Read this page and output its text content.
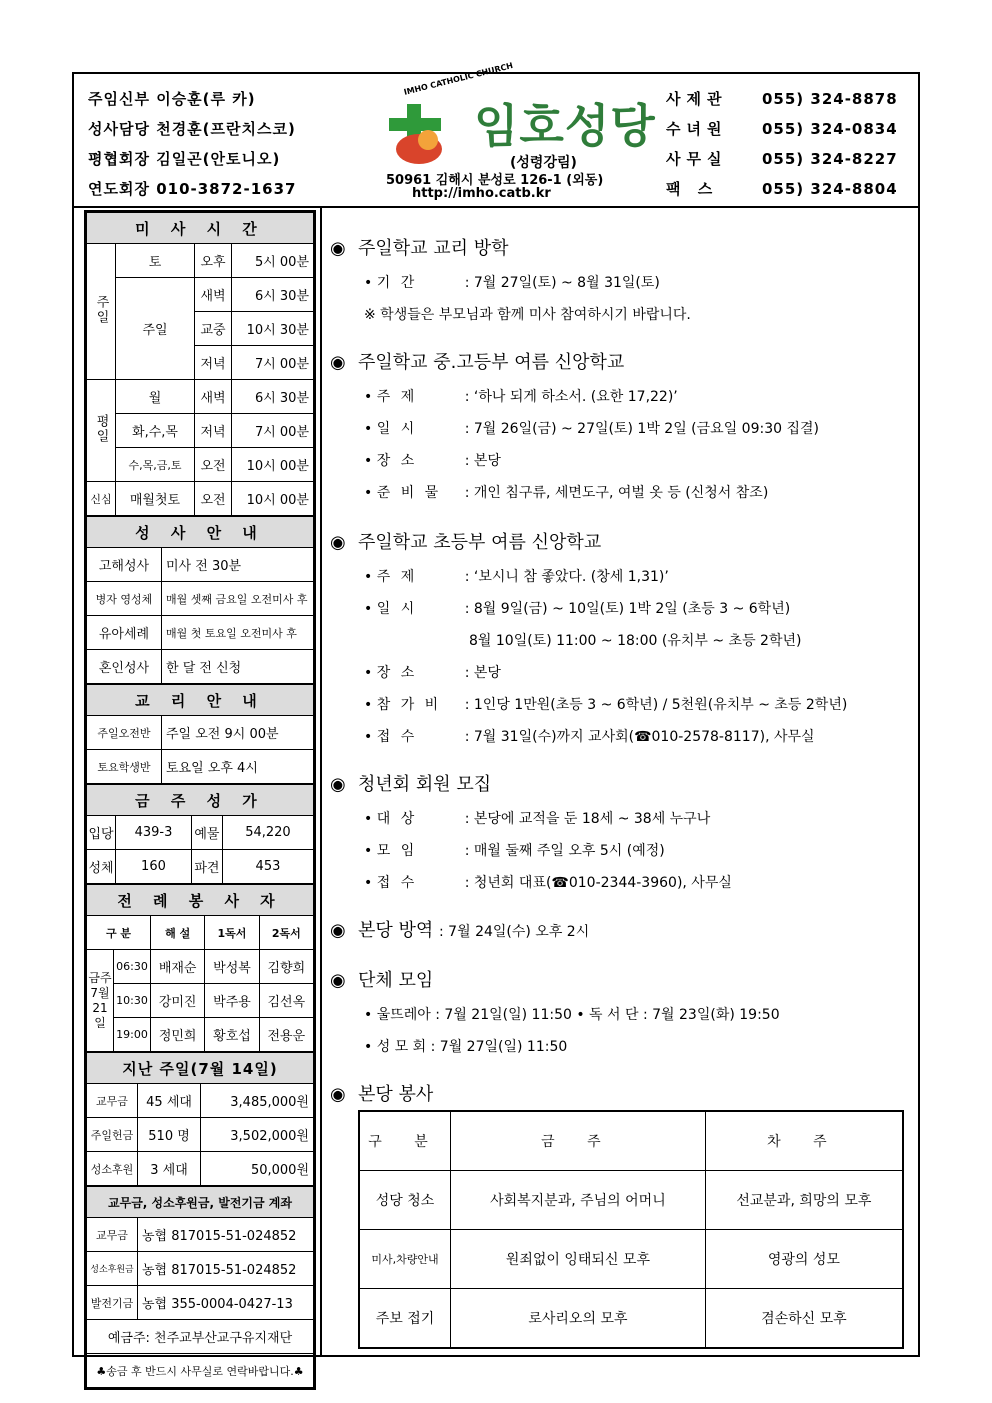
주임신부 이승훈(루 카)
성사담당 천경훈(프란치스코)
평협회장 김일곤(안토니오)
연도회장 010-3872-1637
IMHO CATHOLIC CHURCH
임호성당
(성령강림)
50961 김해시 분성로 126-1 (외동)
http://imho.catb.kr
사제관 055) 324-8878
수녀원 055) 324-0834
사무실 055) 324-8227
팩 스	055) 324-8804
미 사 시 간			
주일	토	오후	5시 00분
	주일	새벽	6시 30분
		교중	10시 30분
		저녁	7시 00분
평일	월	새벽	6시 30분
	화,수,목	저녁	7시 00분
	수,목,금,토	오전	10시 00분
신심	매월첫토	오전	10시 00분
성 사 안 내	
고해성사	미사 전 30분
병자 영성체	매월 셋째 금요일 오전미사 후
유아세례	매월 첫 토요일 오전미사 후
혼인성사	한 달 전 신청
교 리 안 내	
주일오전반	주일 오전 9시 00분
토요학생반	토요일 오후 4시
금 주 성 가			
입당	439-3	예물	54,220
성체	160	파견	453
전 례 봉 사 자				
구 분		해 설	1독서	2독서
금주 7월 21일	06:30	배재순	박성복	김향희
	10:30	강미진	박주용	김선옥
	19:00	정민희	황호섭	전용운
지난 주일(7월 14일)		
교무금	45 세대	3,485,000원
주일헌금	510 명	3,502,000원
성소후원	3 세대	50,000원
교무금, 성소후원금, 발전기금 계좌	
교무금	농협 817015-51-024852
성소후원금	농협 817015-51-024852
발전기금	농협 355-0004-0427-13
예금주: 천주교부산교구유지재단	
♣송금 후 반드시 사무실로 연락바랍니다.♣	
◉ 주일학교 교리 방학
• 기 간	: 7월 27일(토) ~ 8월 31일(토)
※ 학생들은 부모님과 함께 미사 참여하시기 바랍니다.
◉ 주일학교 중.고등부 여름 신앙학교
• 주 제	: ‘하나 되게 하소서. (요한 17,22)’
• 일 시	: 7월 26일(금) ~ 27일(토) 1박 2일 (금요일 09:30 집결)
• 장 소	: 본당
• 준 비 물 : 개인 침구류, 세면도구, 여벌 옷 등 (신청서 참조)
◉ 주일학교 초등부 여름 신앙학교
• 주 제	: ‘보시니 참 좋았다. (창세 1,31)’
• 일 시	: 8월 9일(금) ~ 10일(토) 1박 2일 (초등 3 ~ 6학년)
8월 10일(토) 11:00 ~ 18:00 (유치부 ~ 초등 2학년)
• 장 소	: 본당
• 참 가 비 : 1인당 1만원(초등 3 ~ 6학년) / 5천원(유치부 ~ 초등 2학년)
• 접 수	: 7월 31일(수)까지 교사회(☎010-2578-8117), 사무실
◉ 청년회 회원 모집
• 대 상	: 본당에 교적을 둔 18세 ~ 38세 누구나
• 모 임	: 매월 둘째 주일 오후 5시 (예정)
• 접 수	: 청년회 대표(☎010-2344-3960), 사무실
◉ 본당 방역 : 7월 24일(수) 오후 2시
◉ 단체 모임
• 울뜨레아 : 7월 21일(일) 11:50 • 독 서 단 : 7월 23일(화) 19:50
• 성 모 회 : 7월 27일(일) 11:50
◉ 본당 봉사
구 분	금 주	차 주
성당 청소	사회복지분과, 주님의 어머니	선교분과, 희망의 모후
미사,차량안내	원죄없이 잉태되신 모후	영광의 성모
주보 접기	로사리오의 모후	겸손하신 모후
